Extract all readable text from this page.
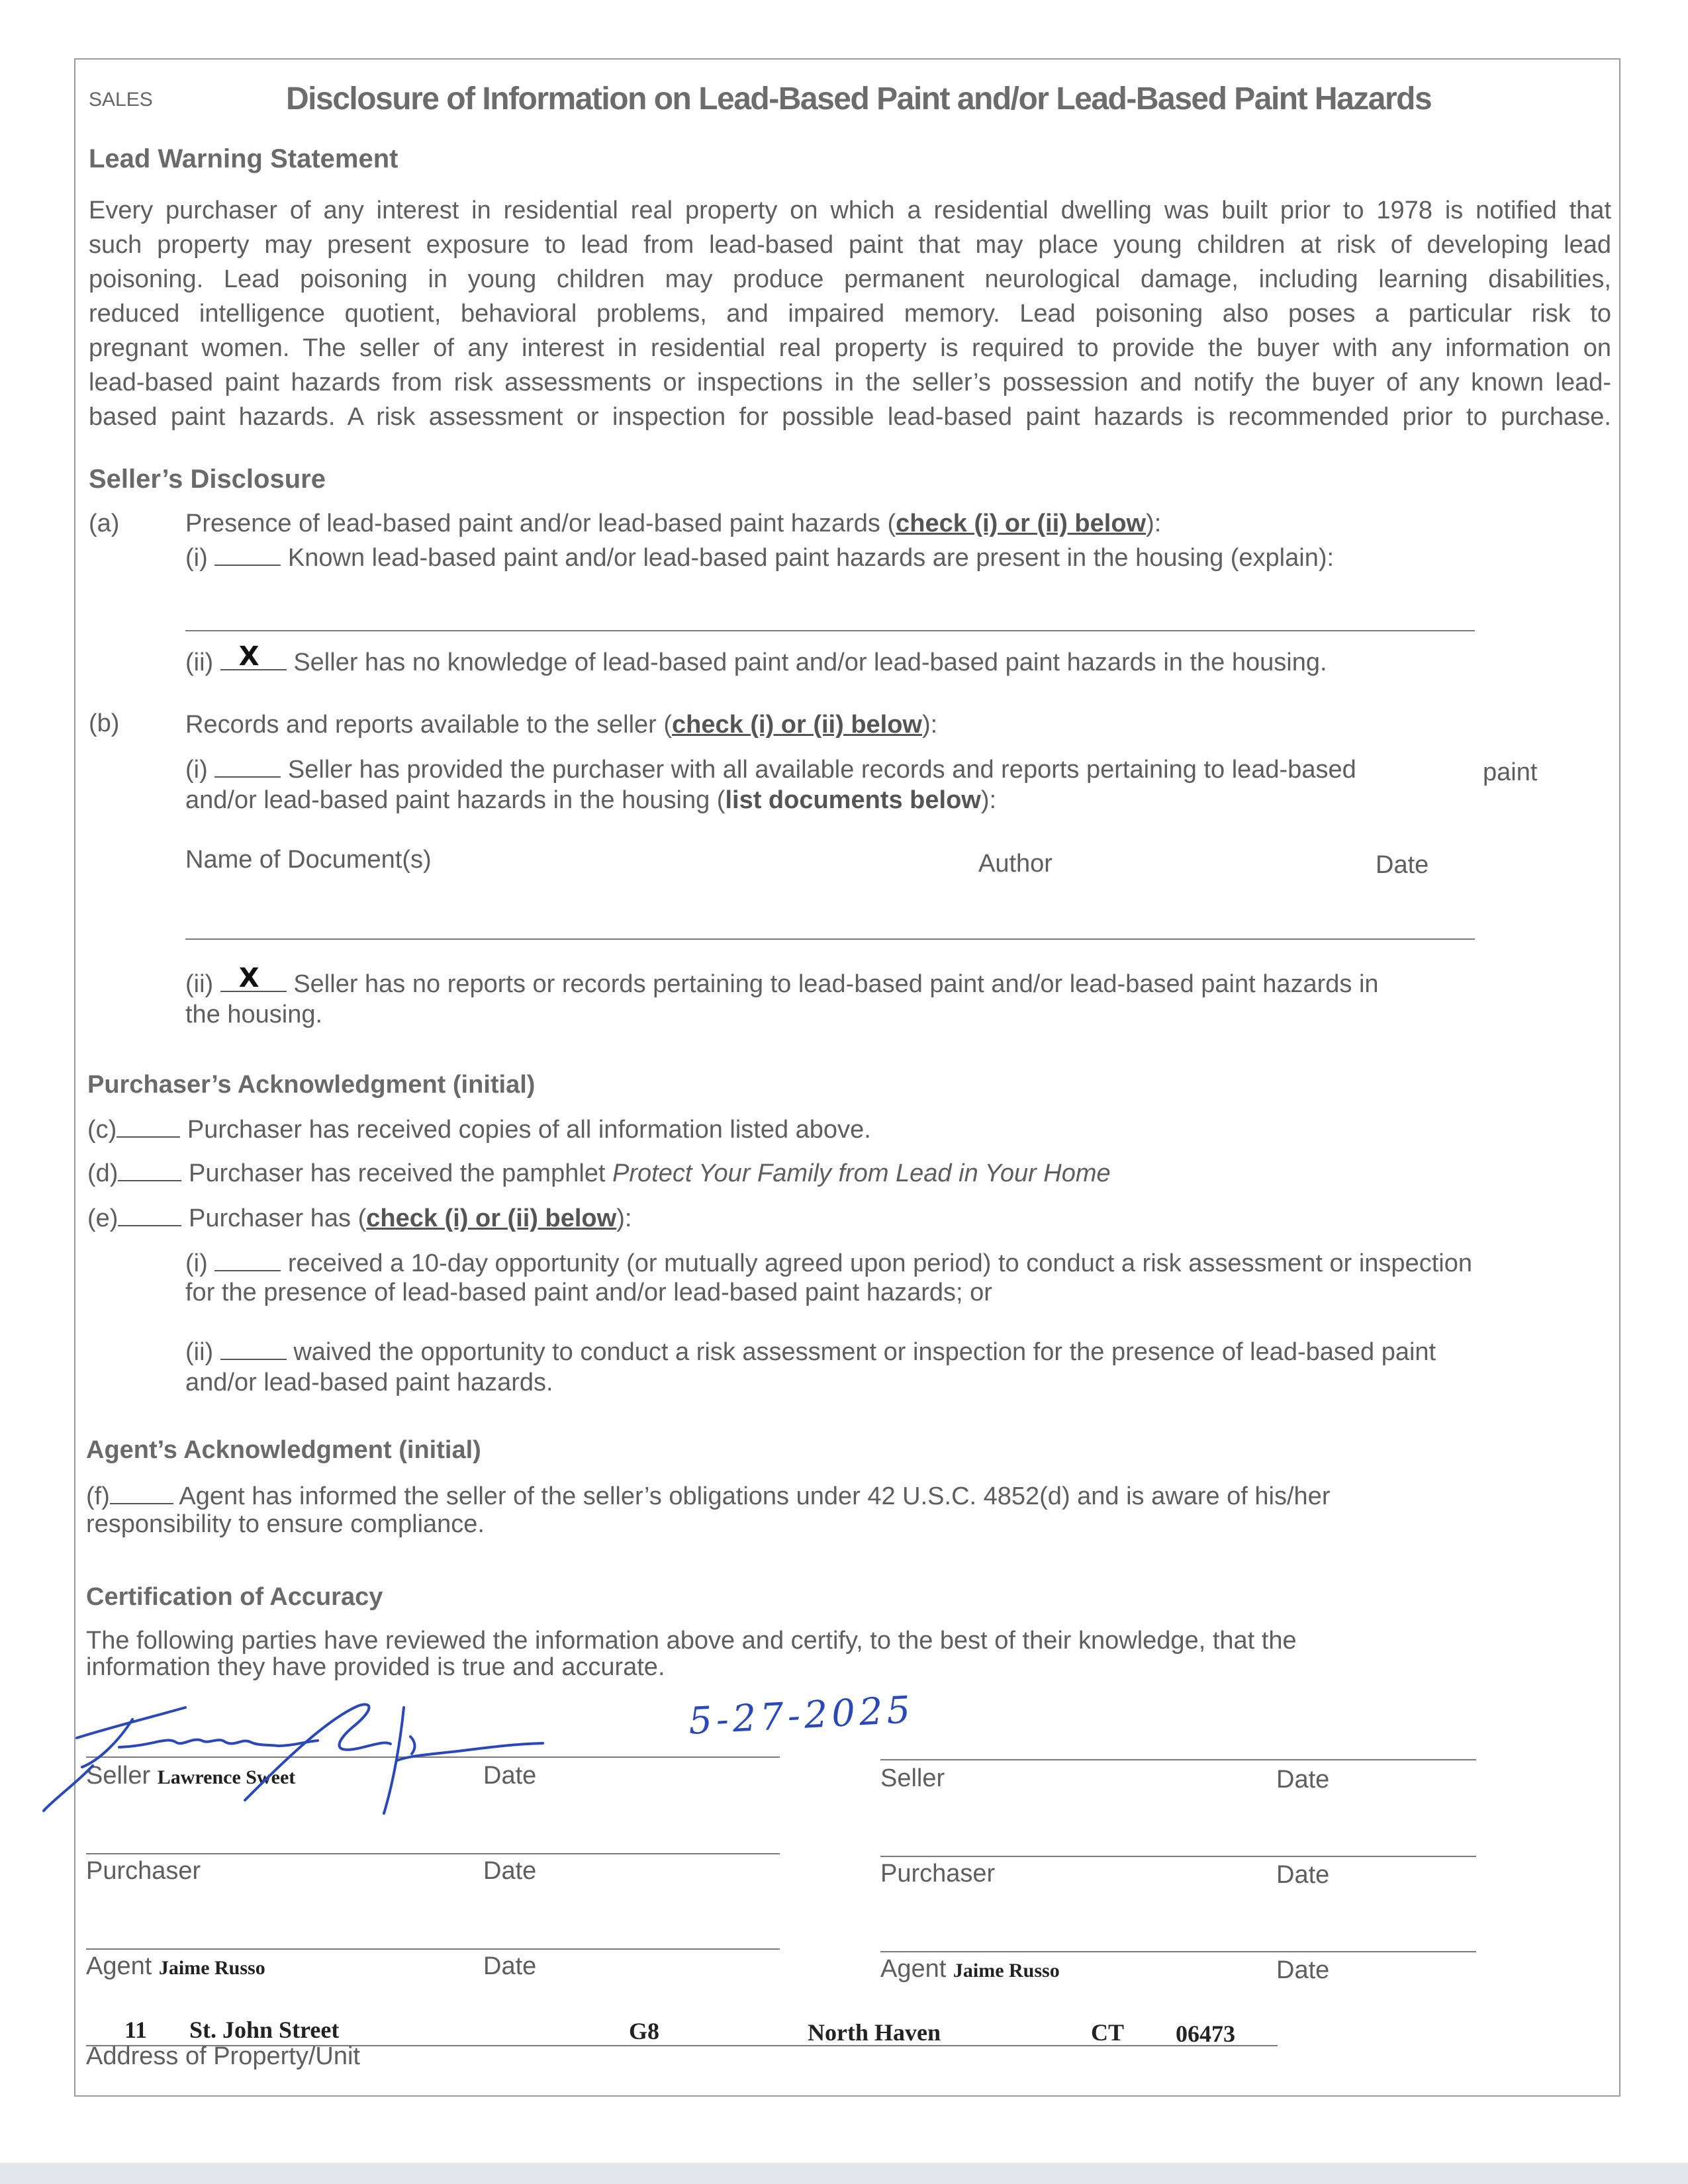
SALES	Disclosure of Information on Lead-Based Paint and/or Lead-Based Paint Hazards
Lead Warning Statement
Every purchaser of any interest in residential real property on which a residential dwelling was built prior to 1978 is notified that
such property may present exposure to lead from lead-based paint that may place young children at risk of developing lead
poisoning. Lead poisoning in young children may produce permanent neurological damage, including learning disabilities,
reduced intelligence quotient, behavioral problems, and impaired memory. Lead poisoning also poses a particular risk to
pregnant women. The seller of any interest in residential real property is required to provide the buyer with any information on
lead-based paint hazards from risk assessments or inspections in the seller’s possession and notify the buyer of any known lead-
based paint hazards. A risk assessment or inspection for possible lead-based paint hazards is recommended prior to purchase.
Seller’s Disclosure
(a)	Presence of lead-based paint and/or lead-based paint hazards (check (i) or (ii) below):
(i)	Known lead-based paint and/or lead-based paint hazards are present in the housing (explain):
(ii) X Seller has no knowledge of lead-based paint and/or lead-based paint hazards in the housing.
(b)	Records and reports available to the seller (check (i) or (ii) below):
(i)	Seller has provided the purchaser with all available records and reports pertaining to lead-based	paint
and/or lead-based paint hazards in the housing (list documents below):
Name of Document(s)	Author	Date
(ii) X Seller has no reports or records pertaining to lead-based paint and/or lead-based paint hazards in
the housing.
Purchaser’s Acknowledgment (initial)
(c)	Purchaser has received copies of all information listed above.
(d)	Purchaser has received the pamphlet Protect Your Family from Lead in Your Home
(e)	Purchaser has (check (i) or (ii) below):
(i)	received a 10-day opportunity (or mutually agreed upon period) to conduct a risk assessment or inspection
for the presence of lead-based paint and/or lead-based paint hazards; or
(ii)	waived the opportunity to conduct a risk assessment or inspection for the presence of lead-based paint
and/or lead-based paint hazards.
Agent’s Acknowledgment (initial)
(f)	Agent has informed the seller of the seller’s obligations under 42 U.S.C. 4852(d) and is aware of his/her
responsibility to ensure compliance.
Certification of Accuracy
The following parties have reviewed the information above and certify, to the best of their knowledge, that the
information they have provided is true and accurate.
Seller Lawrence Sweet	Date	Seller	Date
Purchaser	Date	Purchaser	Date
Agent Jaime Russo	Date	Agent Jaime Russo	Date
5-27-2025
11 St. John Street	G8	North Haven	CT 06473
Address of Property/Unit
